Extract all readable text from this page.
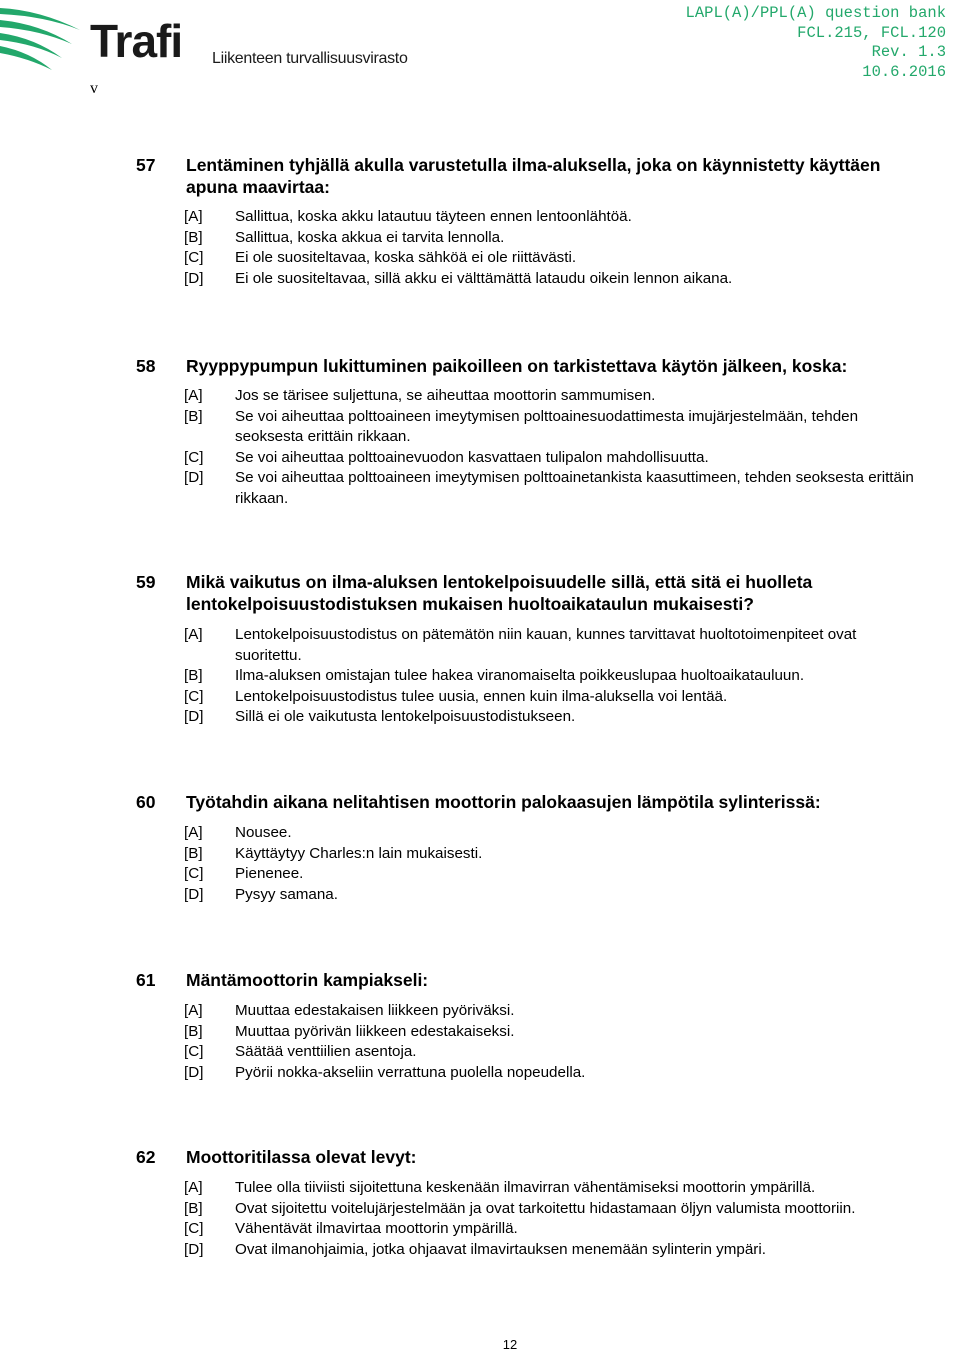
Trafi Liikenteen turvallisuusvirasto
LAPL(A)/PPL(A) question bank
FCL.215, FCL.120
Rev. 1.3
10.6.2016
v
57 Lentäminen tyhjällä akulla varustetulla ilma-aluksella, joka on käynnistetty käyttäen apuna maavirtaa:
[A] Sallittua, koska akku latautuu täyteen ennen lentoonlähtöä.
[B] Sallittua, koska akkua ei tarvita lennolla.
[C] Ei ole suositeltavaa, koska sähköä ei ole riittävästi.
[D] Ei ole suositeltavaa, sillä akku ei välttämättä lataudu oikein lennon aikana.
58 Ryyppypumpun lukittuminen paikoilleen on tarkistettava käytön jälkeen, koska:
[A] Jos se tärisee suljettuna, se aiheuttaa moottorin sammumisen.
[B] Se voi aiheuttaa polttoaineen imeytymisen polttoainesuodattimesta imujärjestelmään, tehden seoksesta erittäin rikkaan.
[C] Se voi aiheuttaa polttoainevuodon kasvattaen tulipalon mahdollisuutta.
[D] Se voi aiheuttaa polttoaineen imeytymisen polttoainetankista kaasuttimeen, tehden seoksesta erittäin rikkaan.
59 Mikä vaikutus on ilma-aluksen lentokelpoisuudelle sillä, että sitä ei huolleta lentokelpoisuustodistuksen mukaisen huoltoaikataulun mukaisesti?
[A] Lentokelpoisuustodistus on pätemätön niin kauan, kunnes tarvittavat huoltotoimenpiteet ovat suoritettu.
[B] Ilma-aluksen omistajan tulee hakea viranomaiselta poikkeuslupaa huoltoaikatauluun.
[C] Lentokelpoisuustodistus tulee uusia, ennen kuin ilma-aluksella voi lentää.
[D] Sillä ei ole vaikutusta lentokelpoisuustodistukseen.
60 Työtahdin aikana nelitahtisen moottorin palokaasujen lämpötila sylinterissä:
[A] Nousee.
[B] Käyttäytyy Charles:n lain mukaisesti.
[C] Pienenee.
[D] Pysyy samana.
61 Mäntämoottorin kampiakseli:
[A] Muuttaa edestakaisen liikkeen pyöriväksi.
[B] Muuttaa pyörivän liikkeen edestakaiseksi.
[C] Säätää venttiilien asentoja.
[D] Pyörii nokka-akseliin verrattuna puolella nopeudella.
62 Moottoritilassa olevat levyt:
[A] Tulee olla tiiviisti sijoitettuna keskenään ilmavirran vähentämiseksi moottorin ympärillä.
[B] Ovat sijoitettu voitelujärjestelmään ja ovat tarkoitettu hidastamaan öljyn valumista moottoriin.
[C] Vähentävät ilmavirtaa moottorin ympärillä.
[D] Ovat ilmanohjaimia, jotka ohjaavat ilmavirtauksen menemään sylinterin ympäri.
12
